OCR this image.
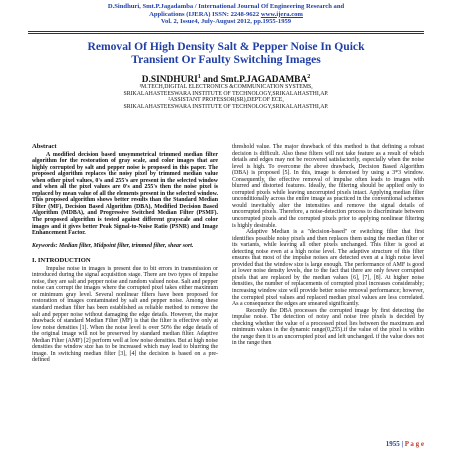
D.Sindhuri, Smt.P.Jagadamba / International Journal Of Engineering Research and
Applications (IJERA) ISSN: 2248-9622 www.ijera.com
Vol. 2, Issue4, July-August 2012, pp.1955-1959
Removal Of High Density Salt & Pepper Noise In Quick
Transient Or Faulty Switching Images
D.SINDHURI$^1$ and Smt.P.JAGADAMBA$^2$
¹M.TECH,DIGITAL ELECTRONICS &COMMUNICATION SYSTEMS,
SRIKALAHASTEESWARA INSTITUTE OF TECHNOLOGY,SRIKALAHASTHI,AP.
²ASSISTANT PROFESSOR(SR),DEPT.OF ECE,
SRIKALAHASTEESWARA INSTITUTE OF TECHNOLOGY,SRIKALAHASTHI,AP.
Abstract

A modified decision based unsymmetrical trimmed median filter algorithm for the restoration of gray scale, and color images that are highly corrupted by salt and pepper noise is proposed in this paper. The proposed algorithm replaces the noisy pixel by trimmed median value when other pixel values, 0's and 255's are present in the selected window and when all the pixel values are 0's and 255's then the noise pixel is replaced by mean value of all the elements present in the selected window. This proposed algorithm shows better results than the Standard Median Filter (MF), Decision Based Algorithm (DBA), Modified Decision Based Algorithm (MDBA), and Progressive Switched Median Filter (PSMF). The proposed algorithm is tested against different grayscale and color images and it gives better Peak Signal-to-Noise Ratio (PSNR) and Image Enhancement Factor.

Keywords: Median filter, Midpoint filter, trimmed filter, shear sort.

I. INTRODUCTION

Impulse noise in images is present due to bit errors in transmission or introduced during the signal acquisition stage. There are two types of impulse noise, they are salt and pepper noise and random valued noise. Salt and pepper noise can corrupt the images where the corrupted pixel takes either maximum or minimum gray level. Several nonlinear filters have been proposed for restoration of images contaminated by salt and pepper noise. Among these standard median filter has been established as reliable method to remove the salt and pepper noise without damaging the edge details. However, the major drawback of standard Median Filter (MF) is that the filter is effective only at low noise densities [1]. When the noise level is over 50% the edge details of the original image will not be preserved by standard median filter. Adaptive Median Filter (AMF) [2] perform well at low noise densities. But at high noise densities the window size has to be increased which may lead to blurring the image. In switching median filter [3], [4] the decision is based on a pre-defined

threshold value. The major drawback of this method is that defining a robust decision is difficult. Also these filters will not take feature as a result of which details and edges may not be recovered satisfactorily, especially when the noise level is high. To overcome the above drawback, Decision Based Algorithm (DBA) is proposed [5]. In this, image is denoised by using a 3*3 window. Consequently, the effective removal of impulse often leads to images with blurred and distorted features. Ideally, the filtering should be applied only to corrupted pixels while leaving uncorrupted pixels intact. Applying median filter unconditionally across the entire image as practiced in the conventional schemes would inevitably alter the intensities and remove the signal details of uncorrupted pixels. Therefore, a noise-detection process to discriminate between uncorrupted pixels and the corrupted pixels prior to applying nonlinear filtering is highly desirable.

Adaptive Median is a "decision-based" or switching filter that first identifies possible noisy pixels and then replaces them using the median filter or its variants, while leaving all other pixels unchanged. This filter is good at detecting noise even at a high noise level. The adaptive structure of this filter ensures that most of the impulse noises are detected even at a high noise level provided that the window size is large enough. The performance of AMF is good at lower noise density levels, due to the fact that there are only fewer corrupted pixels that are replaced by the median values [6], [7], [8]. At higher noise densities, the number of replacements of corrupted pixel increases considerably; increasing window size will provide better noise removal performance; however, the corrupted pixel values and replaced median pixel values are less correlated. As a consequence the edges are smeared significantly.

Recently the DBA processes the corrupted image by first detecting the impulse noise. The detection of noisy and noise free pixels is decided by checking whether the value of a processed pixel lies between the maximum and minimum values in the dynamic range(0,255).if the value of the pixel is within the range then it is an uncorrupted pixel and left unchanged. if the value does not in the range then

1955 | P a g e
